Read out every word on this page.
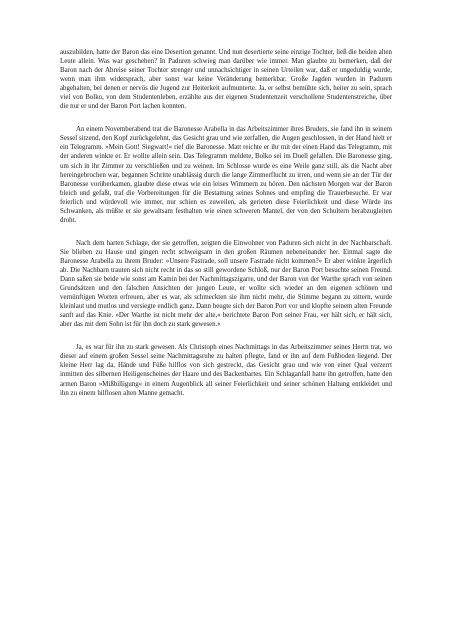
auszubilden, hatte der Baron das eine Desertion genannt. Und nun desertierte seine einzige Tochter, ließ die beiden alten Leute allein. Was war geschehen? In Paduren schwieg man darüber wie immer. Man glaubte zu bemerken, daß der Baron nach der Abreise seiner Tochter strenger und unnachsichtiger in seinen Urteilen war, daß er ungeduldig wurde, wenn man ihm widersprach, aber sonst war keine Veränderung bemerkbar. Große Jagden wurden in Paduren abgehalten, bei denen er nervös die Jugend zur Heiterkeit aufmunterte. Ja, er selbst bemühte sich, heiter zu sein, sprach viel von Bolko, von dem Studentenleben, erzählte aus der eigenen Studentenzeit verschollene Studentenstreiche, über die nur er und der Baron Port lachen konnten.

An einem Novemberabend trat die Baronesse Arabella in das Arbeitszimmer ihres Bruders, sie fand ihn in seinem Sessel sitzend, den Kopf zurückgelehnt, das Gesicht grau und wie zerfallen, die Augen geschlossen, in der Hand hielt er ein Telegramm. »Mein Gott! Siegwart!« rief die Baronesse. Matt reichte er ihr mit der einen Hand das Telegramm, mit der anderen winkte er. Er wollte allein sein. Das Telegramm meldete, Bolko sei im Duell gefallen. Die Baronesse ging, um sich in ihr Zimmer zu verschließen und zu weinen. Im Schlosse wurde es eine Weile ganz still, als die Nacht aber hereingebrochen war, begannen Schritte unablässig durch die lange Zimmerflucht zu irren, und wenn sie an der Tür der Baronesse vorüberkamen, glaubte diese etwas wie ein leises Wimmern zu hören. Den nächsten Morgen war der Baron bleich und gefaßt, traf die Vorbereitungen für die Bestattung seines Sohnes und empfing die Trauerbesuche. Er war feierlich und würdevoll wie immer, nur schien es zuweilen, als gerieten diese Feierlichkeit und diese Würde ins Schwanken, als müßte er sie gewaltsam festhalten wie einen schweren Mantel, der von den Schultern herabzugleiten droht.

Nach dem harten Schlage, der sie getroffen, zeigten die Einwohner von Paduren sich nicht in der Nachbarschaft. Sie blieben zu Hause und gingen recht schweigsam in den großen Räumen nebeneinander her. Einmal sagte die Baronesse Arabella zu ihrem Bruder: »Unsere Fastrade, soll unsere Fastrade nicht kommen?« Er aber winkte ärgerlich ab. Die Nachbarn trauten sich nicht recht in das so still gewordene Schloß, nur der Baron Port besuchte seinen Freund. Dann saßen sie beide wie sonst am Kamin bei der Nachmittagszigarre, und der Baron von der Warthe sprach von seinen Grundsätzen und den falschen Ansichten der jungen Leute, er wollte sich wieder an den eigenen schönen und vernünftigen Worten erfreuen, aber es war, als schmeckten sie ihm nicht mehr, die Stimme begann zu zittern, wurde kleinlaut und mutlos und versiegte endlich ganz. Dann beugte sich der Baron Port vor und klopfte seinem alten Freunde sanft auf das Knie. »Der Warthe ist nicht mehr der alte,« berichtete Baron Port seiner Frau, »er hält sich, er hält sich, aber das mit dem Sohn ist für ihn doch zu stark gewesen.«

Ja, es war für ihn zu stark gewesen. Als Christoph eines Nachmittags in das Arbeitszimmer seines Herrn trat, wo dieser auf einem großen Sessel seine Nachmittagsruhe zu halten pflegte, fand er ihn auf dem Fußboden liegend. Der kleine Herr lag da, Hände und Füße hilflos von sich gestreckt, das Gesicht grau und wie von einer Qual verzerrt inmitten des silbernen Heiligenscheines der Haare und des Backenbartes. Ein Schlaganfall hatte ihn getroffen, hatte den armen Baron »Mißbilligung« in einem Augenblick all seiner Feierlichkeit und seiner schönen Haltung entkleidet und ihn zu einem hilflosen alten Manne gemacht.
